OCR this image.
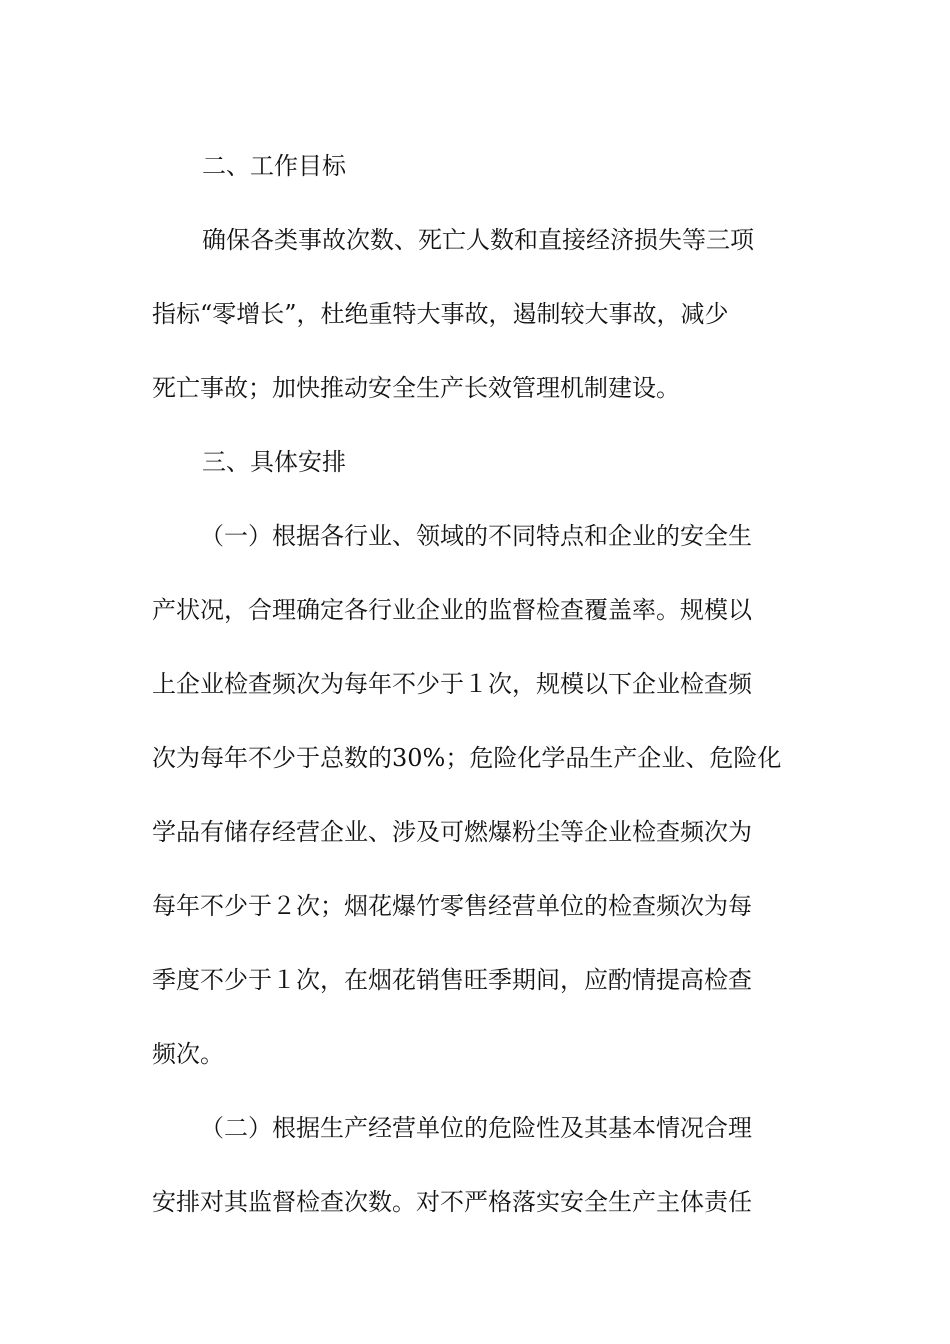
二、工作目标
确保各类事故次数、死亡人数和直接经济损失等三项
指标“零增长”，杜绝重特大事故，遏制较大事故，减少
死亡事故；加快推动安全生产长效管理机制建设。
三、具体安排
（一）根据各行业、领域的不同特点和企业的安全生
产状况，合理确定各行业企业的监督检查覆盖率。规模以
上企业检查频次为每年不少于１次，规模以下企业检查频
次为每年不少于总数的30%；危险化学品生产企业、危险化
学品有储存经营企业、涉及可燃爆粉尘等企业检查频次为
每年不少于２次；烟花爆竹零售经营单位的检查频次为每
季度不少于１次，在烟花销售旺季期间，应酌情提高检查
频次。
（二）根据生产经营单位的危险性及其基本情况合理
安排对其监督检查次数。对不严格落实安全生产主体责任
